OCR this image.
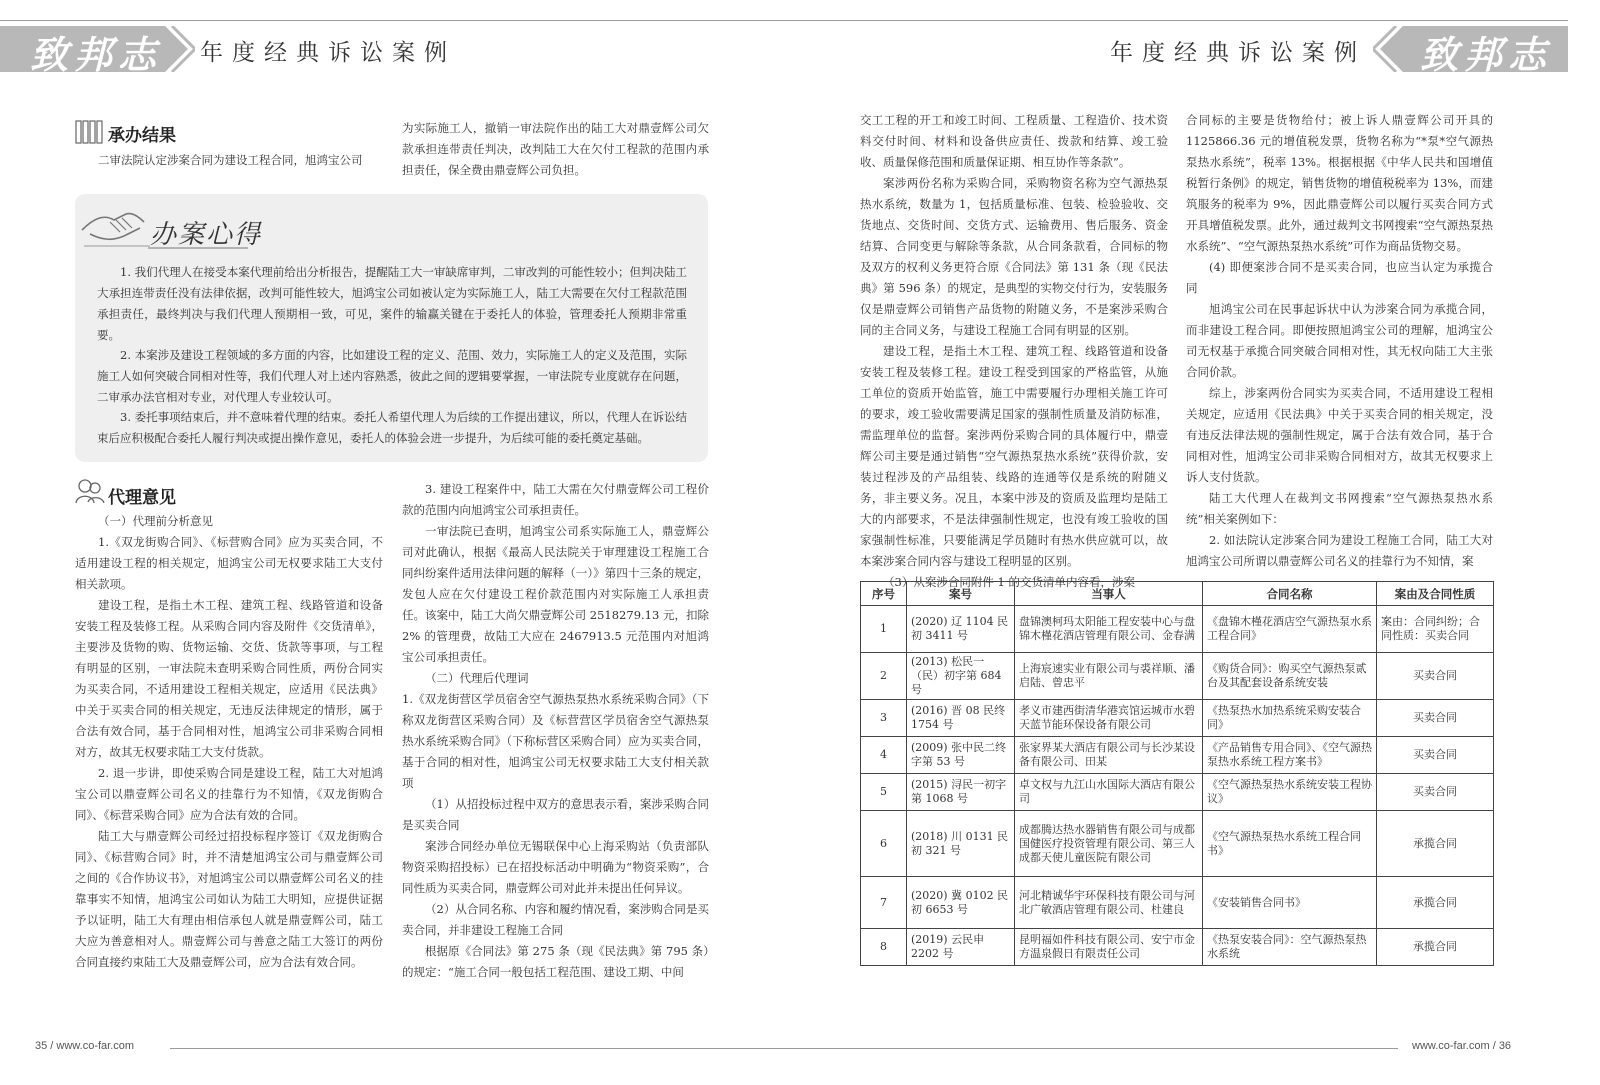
致邦志 年度经典诉讼案例	年度经典诉讼案例 致邦志
承办结果

二审法院认定涉案合同为建设工程合同，旭鸿宝公司

为实际施工人，撤销一审法院作出的陆工大对鼎壹辉公司欠款承担连带责任判决，改判陆工大在欠付工程款的范围内承担责任，保全费由鼎壹辉公司负担。

办案心得

1. 我们代理人在接受本案代理前给出分析报告，提醒陆工大一审缺席审判，二审改判的可能性较小；但判决陆工大承担连带责任没有法律依据，改判可能性较大，旭鸿宝公司如被认定为实际施工人，陆工大需要在欠付工程款范围承担责任，最终判决与我们代理人预期相一致，可见，案件的输赢关键在于委托人的体验，管理委托人预期非常重要。

2. 本案涉及建设工程领域的多方面的内容，比如建设工程的定义、范围、效力，实际施工人的定义及范围，实际施工人如何突破合同相对性等，我们代理人对上述内容熟悉，彼此之间的逻辑要掌握，一审法院专业度就存在问题，二审承办法官相对专业，对代理人专业较认可。

3. 委托事项结束后，并不意味着代理的结束。委托人希望代理人为后续的工作提出建议，所以，代理人在诉讼结束后应积极配合委托人履行判决或提出操作意见，委托人的体验会进一步提升，为后续可能的委托奠定基础。

代理意见

（一）代理前分析意见

1.《双龙街购合同》、《标营购合同》应为买卖合同，不适用建设工程的相关规定，旭鸿宝公司无权要求陆工大支付相关款项。

建设工程，是指土木工程、建筑工程、线路管道和设备安装工程及装修工程。从采购合同内容及附件《交货清单》，主要涉及货物的购、货物运输、交货、货款等事项，与工程有明显的区别，一审法院未查明采购合同性质，两份合同实为买卖合同，不适用建设工程相关规定，应适用《民法典》中关于买卖合同的相关规定，无违反法律规定的情形，属于合法有效合同，基于合同相对性，旭鸿宝公司非采购合同相对方，故其无权要求陆工大支付货款。

2. 退一步讲，即使采购合同是建设工程，陆工大对旭鸿宝公司以鼎壹辉公司名义的挂靠行为不知情，《双龙街购合同》、《标营采购合同》应为合法有效的合同。

陆工大与鼎壹辉公司经过招投标程序签订《双龙街购合同》、《标营购合同》时，并不清楚旭鸿宝公司与鼎壹辉公司之间的《合作协议书》，对旭鸿宝公司以鼎壹辉公司名义的挂靠事实不知情，旭鸿宝公司如认为陆工大明知，应提供证据予以证明，陆工大有理由相信承包人就是鼎壹辉公司，陆工大应为善意相对人。鼎壹辉公司与善意之陆工大签订的两份合同直接约束陆工大及鼎壹辉公司，应为合法有效合同。

3. 建设工程案件中，陆工大需在欠付鼎壹辉公司工程价款的范围内向旭鸿宝公司承担责任。

一审法院已查明，旭鸿宝公司系实际施工人，鼎壹辉公司对此确认，根据《最高人民法院关于审理建设工程施工合同纠纷案件适用法律问题的解释（一）》第四十三条的规定，发包人应在欠付建设工程价款范围内对实际施工人承担责任。该案中，陆工大尚欠鼎壹辉公司 2518279.13 元，扣除 2% 的管理费，故陆工大应在 2467913.5 元范围内对旭鸿宝公司承担责任。

（二）代理后代理词

1.《双龙街营区学员宿舍空气源热泵热水系统采购合同》（下称双龙街营区采购合同）及《标营营区学员宿舍空气源热泵热水系统采购合同》（下称标营区采购合同）应为买卖合同，基于合同的相对性，旭鸿宝公司无权要求陆工大支付相关款项

（1）从招投标过程中双方的意思表示看，案涉采购合同是买卖合同

案涉合同经办单位无锡联保中心上海采购站（负责部队物资采购招投标）已在招投标活动中明确为“物资采购”，合同性质为买卖合同，鼎壹辉公司对此并未提出任何异议。

（2）从合同名称、内容和履约情况看，案涉购合同是买卖合同，并非建设工程施工合同

根据原《合同法》第 275 条（现《民法典》第 795 条）的规定：“施工合同一般包括工程范围、建设工期、中间

交工工程的开工和竣工时间、工程质量、工程造价、技术资料交付时间、材料和设备供应责任、拨款和结算、竣工验收、质量保修范围和质量保证期、相互协作等条款”。

案涉两份名称为采购合同，采购物资名称为空气源热泵热水系统，数量为 1，包括质量标准、包装、检验验收、交货地点、交货时间、交货方式、运输费用、售后服务、资金结算、合同变更与解除等条款，从合同条款看，合同标的物及双方的权利义务更符合原《合同法》第 131 条（现《民法典》第 596 条）的规定，是典型的实物交付行为，安装服务仅是鼎壹辉公司销售产品货物的附随义务，不是案涉采购合同的主合同义务，与建设工程施工合同有明显的区别。

建设工程，是指土木工程、建筑工程、线路管道和设备安装工程及装修工程。建设工程受到国家的严格监管，从施工单位的资质开始监管，施工中需要履行办理相关施工许可的要求，竣工验收需要满足国家的强制性质量及消防标准，需监理单位的监督。案涉两份采购合同的具体履行中，鼎壹辉公司主要是通过销售“空气源热泵热水系统”获得价款，安装过程涉及的产品组装、线路的连通等仅是系统的附随义务，非主要义务。况且，本案中涉及的资质及监理均是陆工大的内部要求，不是法律强制性规定，也没有竣工验收的国家强制性标准，只要能满足学员随时有热水供应就可以，故本案涉案合同内容与建设工程明显的区别。

（3）从案涉合同附件 1 的交货清单内容看，涉案

合同标的主要是货物给付；被上诉人鼎壹辉公司开具的 1125866.36 元的增值税发票，货物名称为“*泵*空气源热泵热水系统”，税率 13%。根据根据《中华人民共和国增值税暂行条例》的规定，销售货物的增值税税率为 13%，而建筑服务的税率为 9%，因此鼎壹辉公司以履行买卖合同方式开具增值税发票。此外，通过裁判文书网搜索“空气源热泵热水系统”、“空气源热泵热水系统”可作为商品货物交易。

(4) 即便案涉合同不是买卖合同，也应当认定为承揽合同

旭鸿宝公司在民事起诉状中认为涉案合同为承揽合同，而非建设工程合同。即便按照旭鸿宝公司的理解，旭鸿宝公司无权基于承揽合同突破合同相对性，其无权向陆工大主张合同价款。

综上，涉案两份合同实为买卖合同，不适用建设工程相关规定，应适用《民法典》中关于买卖合同的相关规定，没有违反法律法规的强制性规定，属于合法有效合同，基于合同相对性，旭鸿宝公司非采购合同相对方，故其无权要求上诉人支付货款。

陆工大代理人在裁判文书网搜索“空气源热泵热水系统”相关案例如下：

2. 如法院认定涉案合同为建设工程施工合同，陆工大对旭鸿宝公司所谓以鼎壹辉公司名义的挂靠行为不知情，案

序号	案号	当事人	合同名称	案由及合同性质
1	(2020) 辽 1104 民初 3411 号	盘锦澳柯玛太阳能工程安装中心与盘锦木槿花酒店管理有限公司、金春满	《盘锦木槿花酒店空气源热泵水系工程合同》	案由：合同纠纷；合同性质：买卖合同
2	(2013) 松民一（民）初字第 684 号	上海宸速实业有限公司与裘祥顺、潘启陆、曾忠平	《购货合同》：购买空气源热泵贰台及其配套设备系统安装	买卖合同
3	(2016) 晋 08 民终 1754 号	孝义市建西街清华港宾馆运城市水碧天蓝节能环保设备有限公司	《热泵热水加热系统采购安装合同》	买卖合同
4	(2009) 张中民二终字第 53 号	张家界某大酒店有限公司与长沙某设备有限公司、田某	《产品销售专用合同》、《空气源热泵热水系统工程方案书》	买卖合同
5	(2015) 浔民一初字第 1068 号	卓文权与九江山水国际大酒店有限公司	《空气源热泵热水系统安装工程协议》	买卖合同
6	(2018) 川 0131 民初 321 号	成都腾达热水器销售有限公司与成都国健医疗投资管理有限公司、第三人成都天使儿童医院有限公司	《空气源热泵热水系统工程合同书》	承揽合同
7	(2020) 冀 0102 民初 6653 号	河北精诚华宇环保科技有限公司与河北广敏酒店管理有限公司、杜建良	《安装销售合同书》	承揽合同
8	(2019) 云民申 2202 号	昆明福如件科技有限公司、安宁市金方温泉假日有限责任公司	《热泵安装合同》：空气源热泵热水系统	承揽合同
35 / www.co-far.com	www.co-far.com / 36
